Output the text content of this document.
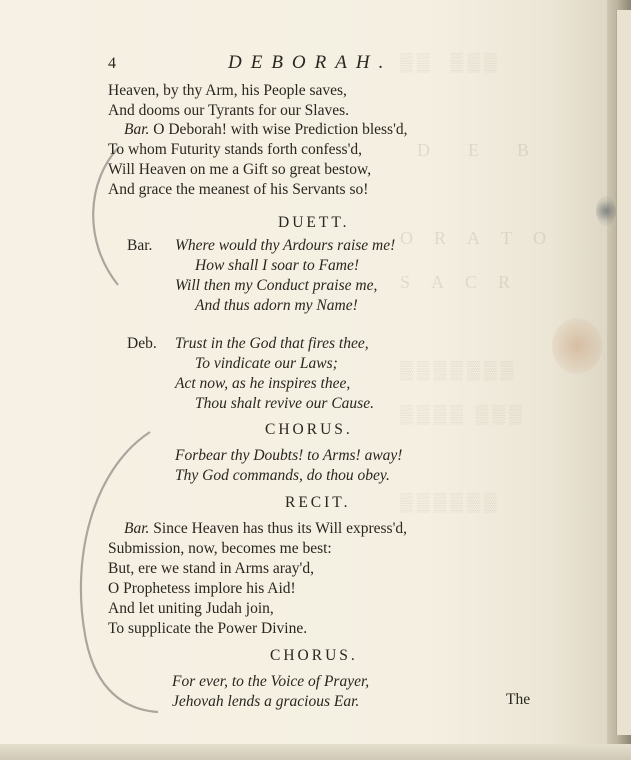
▒▒  ▒▒▒

D    E    B

O  R  A  T  O
S  A  C  R

▒▒▒▒▒▒▒
▒▒▒▒ ▒▒▒

▒▒▒▒▒▒
4	DEBORAH.
Heaven, by thy Arm, his People saves,
And dooms our Tyrants for our Slaves.
Bar. O Deborah! with wise Prediction bless'd,
To whom Futurity stands forth confess'd,
Will Heaven on me a Gift so great bestow,
And grace the meanest of his Servants so!
DUETT.
Bar. Where would thy Ardours raise me!
How shall I soar to Fame!
Will then my Conduct praise me,
And thus adorn my Name!
Deb. Trust in the God that fires thee,
To vindicate our Laws;
Act now, as he inspires thee,
Thou shalt revive our Cause.
CHORUS.
Forbear thy Doubts! to Arms! away!
Thy God commands, do thou obey.
RECIT.
Bar. Since Heaven has thus its Will express'd,
Submission, now, becomes me best:
But, ere we stand in Arms aray'd,
O Prophetess implore his Aid!
And let uniting Judah join,
To supplicate the Power Divine.
CHORUS.
For ever, to the Voice of Prayer,
Jehovah lends a gracious Ear.	The
